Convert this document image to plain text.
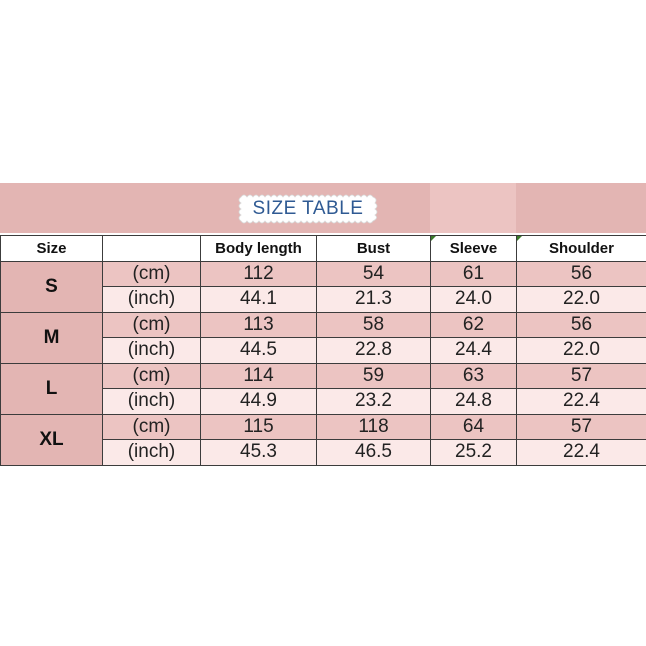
SIZE TABLE
Size		Body length	Bust	Sleeve	Shoulder
S	(cm)	112	54	61	56
	(inch)	44.1	21.3	24.0	22.0
M	(cm)	113	58	62	56
	(inch)	44.5	22.8	24.4	22.0
L	(cm)	114	59	63	57
	(inch)	44.9	23.2	24.8	22.4
XL	(cm)	115	118	64	57
	(inch)	45.3	46.5	25.2	22.4
